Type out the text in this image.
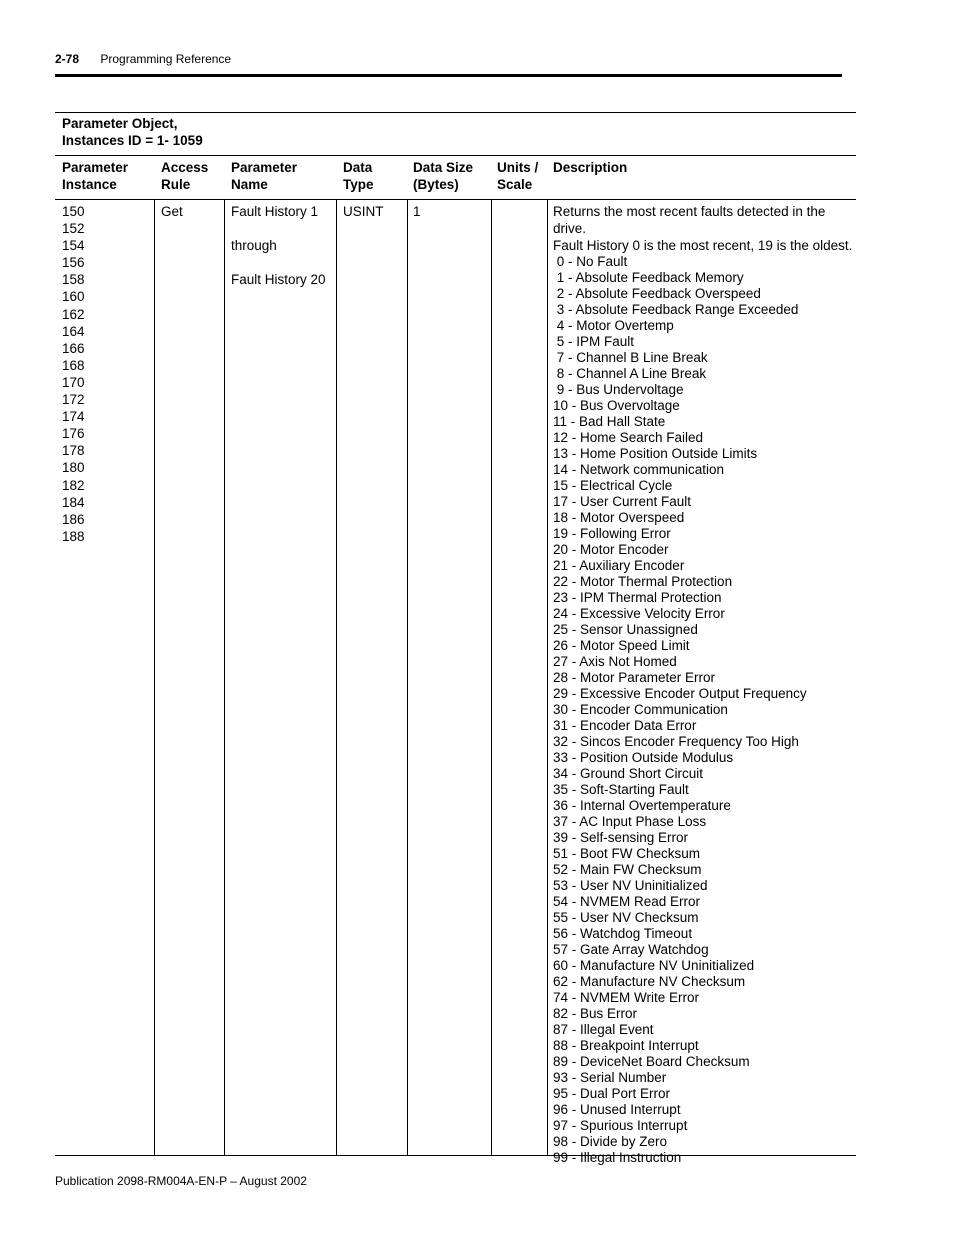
2-78 Programming Reference
Parameter Object,
Instances ID = 1- 1059
Parameter
Instance
Access
Rule
Parameter
Name
Data
Type
Data Size
(Bytes)
Units /
Scale
Description
150
152
154
156
158
160
162
164
166
168
170
172
174
176
178
180
182
184
186
188
Get	Fault History 1
through
Fault History 20
USINT 1	Returns the most recent faults detected in the drive.
Fault History 0 is the most recent, 19 is the oldest.
0 - No Fault
1 - Absolute Feedback Memory
2 - Absolute Feedback Overspeed
3 - Absolute Feedback Range Exceeded
4 - Motor Overtemp
5 - IPM Fault
7 - Channel B Line Break
8 - Channel A Line Break
9 - Bus Undervoltage
10 - Bus Overvoltage
11 - Bad Hall State
12 - Home Search Failed
13 - Home Position Outside Limits
14 - Network communication
15 - Electrical Cycle
17 - User Current Fault
18 - Motor Overspeed
19 - Following Error
20 - Motor Encoder
21 - Auxiliary Encoder
22 - Motor Thermal Protection
23 - IPM Thermal Protection
24 - Excessive Velocity Error
25 - Sensor Unassigned
26 - Motor Speed Limit
27 - Axis Not Homed
28 - Motor Parameter Error
29 - Excessive Encoder Output Frequency
30 - Encoder Communication
31 - Encoder Data Error
32 - Sincos Encoder Frequency Too High
33 - Position Outside Modulus
34 - Ground Short Circuit
35 - Soft-Starting Fault
36 - Internal Overtemperature
37 - AC Input Phase Loss
39 - Self-sensing Error
51 - Boot FW Checksum
52 - Main FW Checksum
53 - User NV Uninitialized
54 - NVMEM Read Error
55 - User NV Checksum
56 - Watchdog Timeout
57 - Gate Array Watchdog
60 - Manufacture NV Uninitialized
62 - Manufacture NV Checksum
74 - NVMEM Write Error
82 - Bus Error
87 - Illegal Event
88 - Breakpoint Interrupt
89 - DeviceNet Board Checksum
93 - Serial Number
95 - Dual Port Error
96 - Unused Interrupt
97 - Spurious Interrupt
98 - Divide by Zero
99 - Illegal Instruction
Publication 2098-RM004A-EN-P – August 2002
